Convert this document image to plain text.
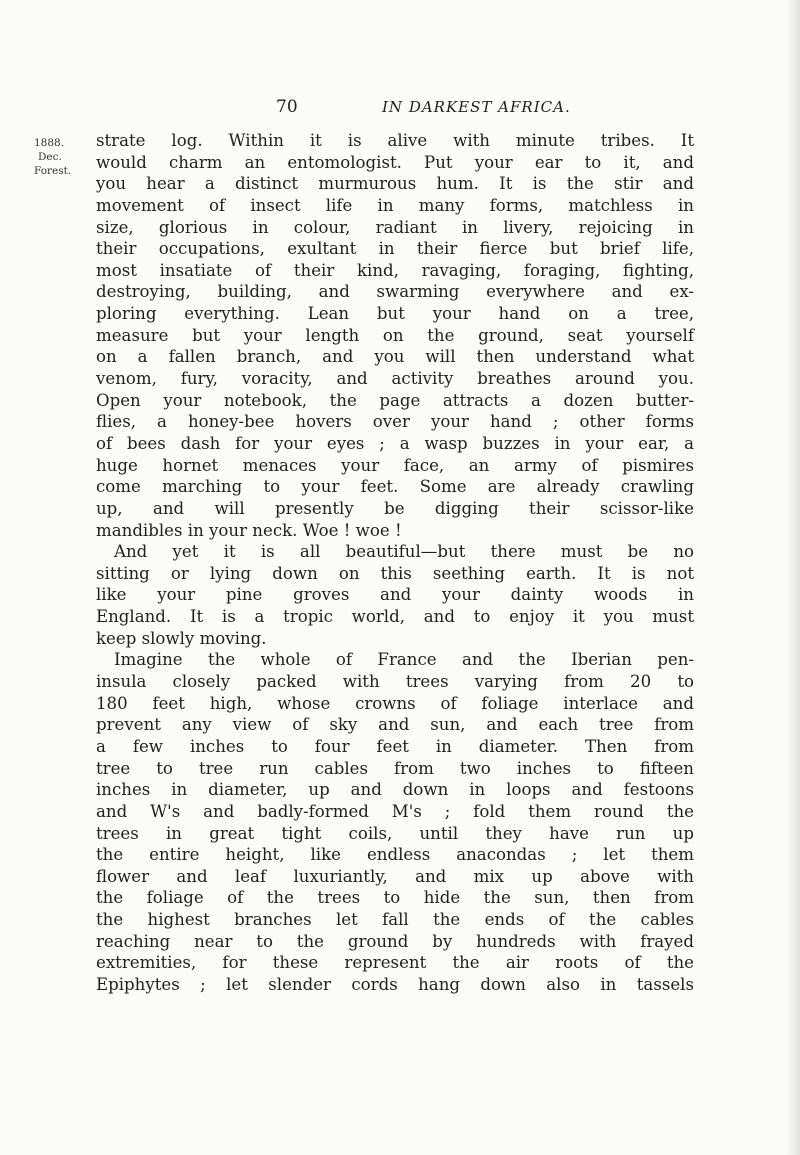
70	IN DARKEST AFRICA.
1888.
Dec.
Forest.
strate log. Within it is alive with minute tribes. It
would charm an entomologist. Put your ear to it, and
you hear a distinct murmurous hum. It is the stir and
movement of insect life in many forms, matchless in
size, glorious in colour, radiant in livery, rejoicing in
their occupations, exultant in their fierce but brief life,
most insatiate of their kind, ravaging, foraging, fighting,
destroying, building, and swarming everywhere and ex-
ploring everything. Lean but your hand on a tree,
measure but your length on the ground, seat yourself
on a fallen branch, and you will then understand what
venom, fury, voracity, and activity breathes around you.
Open your notebook, the page attracts a dozen butter-
flies, a honey-bee hovers over your hand ; other forms
of bees dash for your eyes ; a wasp buzzes in your ear, a
huge hornet menaces your face, an army of pismires
come marching to your feet. Some are already crawling
up, and will presently be digging their scissor-like
mandibles in your neck. Woe ! woe !
And yet it is all beautiful—but there must be no
sitting or lying down on this seething earth. It is not
like your pine groves and your dainty woods in
England. It is a tropic world, and to enjoy it you must
keep slowly moving.
Imagine the whole of France and the Iberian pen-
insula closely packed with trees varying from 20 to
180 feet high, whose crowns of foliage interlace and
prevent any view of sky and sun, and each tree from
a few inches to four feet in diameter. Then from
tree to tree run cables from two inches to fifteen
inches in diameter, up and down in loops and festoons
and W's and badly-formed M's ; fold them round the
trees in great tight coils, until they have run up
the entire height, like endless anacondas ; let them
flower and leaf luxuriantly, and mix up above with
the foliage of the trees to hide the sun, then from
the highest branches let fall the ends of the cables
reaching near to the ground by hundreds with frayed
extremities, for these represent the air roots of the
Epiphytes ; let slender cords hang down also in tassels
